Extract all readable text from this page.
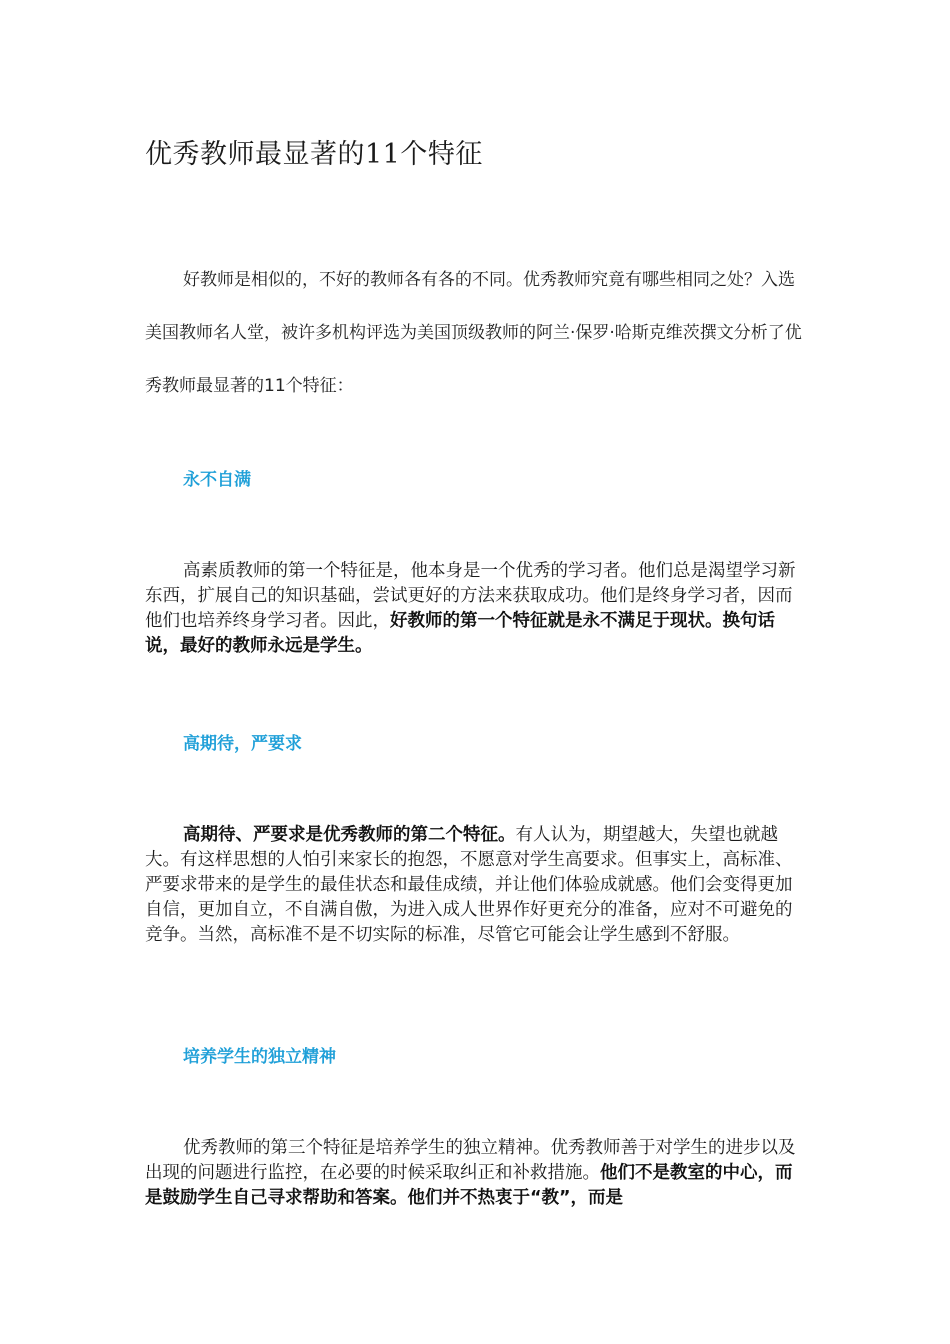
优秀教师最显著的11个特征

好教师是相似的，不好的教师各有各的不同。优秀教师究竟有哪些相同之处？入选美国教师名人堂，被许多机构评选为美国顶级教师的阿兰·保罗·哈斯克维茨撰文分析了优秀教师最显著的11个特征：

永不自满

高素质教师的第一个特征是，他本身是一个优秀的学习者。他们总是渴望学习新东西，扩展自己的知识基础，尝试更好的方法来获取成功。他们是终身学习者，因而他们也培养终身学习者。因此，好教师的第一个特征就是永不满足于现状。换句话说，最好的教师永远是学生。

高期待，严要求

高期待、严要求是优秀教师的第二个特征。有人认为，期望越大，失望也就越大。有这样思想的人怕引来家长的抱怨，不愿意对学生高要求。但事实上，高标准、严要求带来的是学生的最佳状态和最佳成绩，并让他们体验成就感。他们会变得更加自信，更加自立，不自满自傲，为进入成人世界作好更充分的准备，应对不可避免的竞争。当然，高标准不是不切实际的标准，尽管它可能会让学生感到不舒服。

培养学生的独立精神

优秀教师的第三个特征是培养学生的独立精神。优秀教师善于对学生的进步以及出现的问题进行监控，在必要的时候采取纠正和补救措施。他们不是教室的中心，而是鼓励学生自己寻求帮助和答案。他们并不热衷于“教”，而是
